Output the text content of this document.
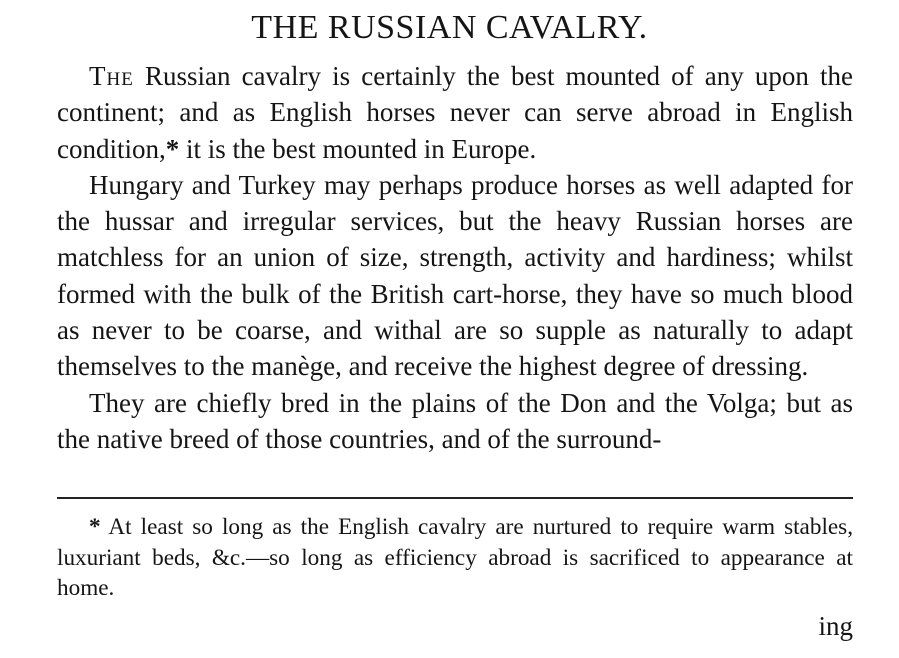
THE RUSSIAN CAVALRY.

The Russian cavalry is certainly the best mounted of any upon the continent; and as English horses never can serve abroad in English condition,* it is the best mounted in Europe.

Hungary and Turkey may perhaps produce horses as well adapted for the hussar and irregular services, but the heavy Russian horses are matchless for an union of size, strength, activity and hardiness; whilst formed with the bulk of the British cart-horse, they have so much blood as never to be coarse, and withal are so supple as naturally to adapt themselves to the manège, and receive the highest degree of dressing.

They are chiefly bred in the plains of the Don and the Volga; but as the native breed of those countries, and of the surround-

* At least so long as the English cavalry are nurtured to require warm stables, luxuriant beds, &c.—so long as efficiency abroad is sacrificed to appearance at home.

ing
